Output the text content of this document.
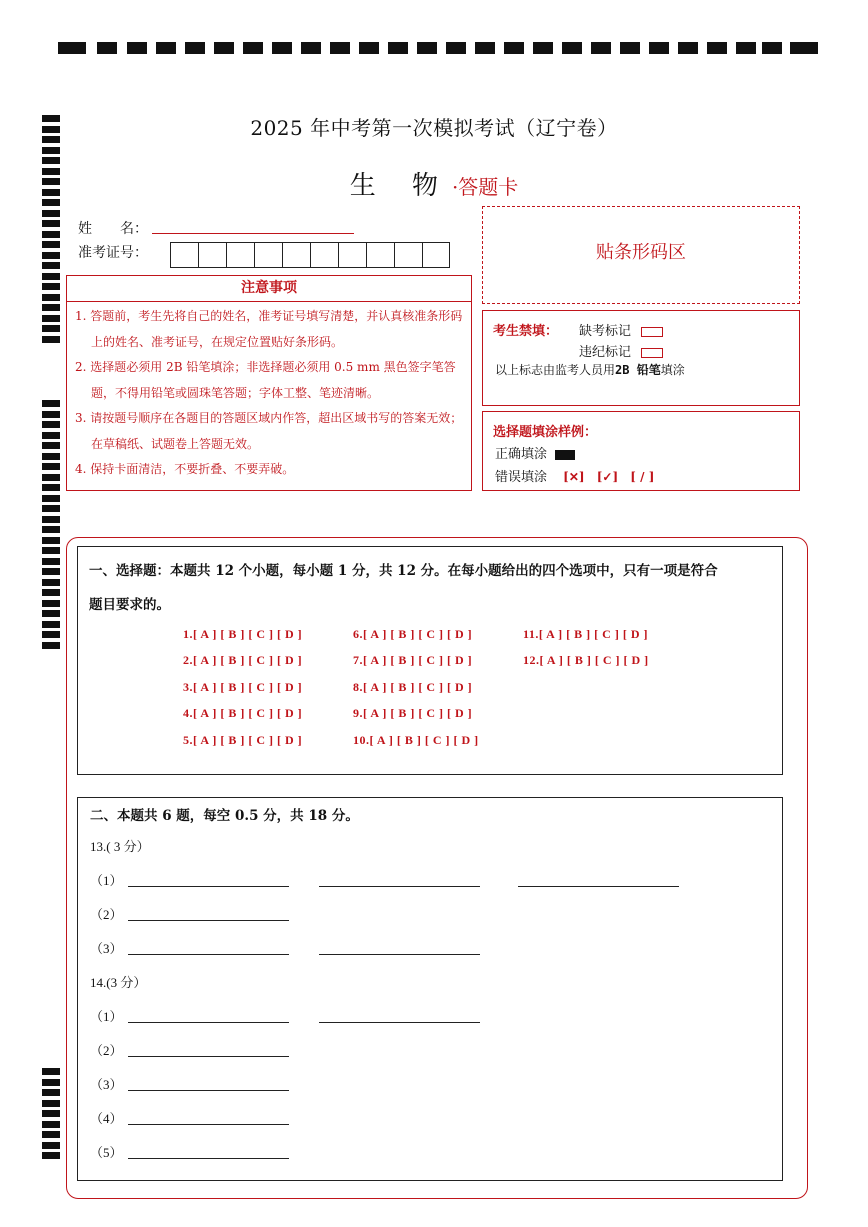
2025 年中考第一次模拟考试（辽宁卷）
生 物·答题卡
姓　　名：
准考证号：
注意事项
1. 答题前，考生先将自己的姓名，准考证号填写清楚，并认真核准条形码上的姓名、准考证号，在规定位置贴好条形码。
2. 选择题必须用 2B 铅笔填涂；非选择题必须用 0.5 mm 黑色签字笔答题，不得用铅笔或圆珠笔答题；字体工整、笔迹清晰。
3. 请按题号顺序在各题目的答题区域内作答，超出区域书写的答案无效；在草稿纸、试题卷上答题无效。
4. 保持卡面清洁，不要折叠、不要弄破。
贴条形码区
考生禁填： 缺考标记
违纪标记
以上标志由监考人员用2B 铅笔填涂
选择题填涂样例：
正确填涂
错误填涂 [✕] [✓] [ / ]
一、选择题：本题共 12 个小题，每小题 1 分，共 12 分。在每小题给出的四个选项中，只有一项是符合
题目要求的。
1.[ A ] [ B ] [ C ] [ D ]
2.[ A ] [ B ] [ C ] [ D ]
3.[ A ] [ B ] [ C ] [ D ]
4.[ A ] [ B ] [ C ] [ D ]
5.[ A ] [ B ] [ C ] [ D ]
6.[ A ] [ B ] [ C ] [ D ]
7.[ A ] [ B ] [ C ] [ D ]
8.[ A ] [ B ] [ C ] [ D ]
9.[ A ] [ B ] [ C ] [ D ]
10.[ A ] [ B ] [ C ] [ D ]
11.[ A ] [ B ] [ C ] [ D ]
12.[ A ] [ B ] [ C ] [ D ]
二、本题共 6 题，每空 0.5 分，共 18 分。
13.( 3 分）
14.(3 分）
（1）
（2）
（3）
（1）
（2）
（3）
（4）
（5）
